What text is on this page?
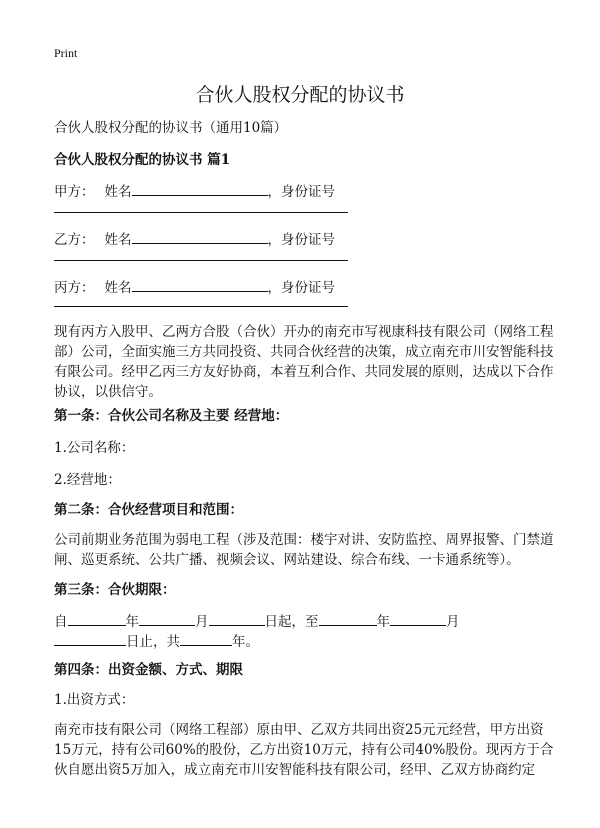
Print
合伙人股权分配的协议书
合伙人股权分配的协议书（通用10篇）
合伙人股权分配的协议书 篇1
甲方： 姓名	，身份证号
乙方： 姓名	，身份证号
丙方： 姓名	，身份证号
现有丙方入股甲、乙两方合股（合伙）开办的南充市写视康科技有限公司（网络工程部）公司，全面实施三方共同投资、共同合伙经营的决策，成立南充市川安智能科技有限公司。经甲乙丙三方友好协商，本着互利合作、共同发展的原则，达成以下合作协议，以供信守。
第一条：合伙公司名称及主要 经营地：
1.公司名称：
2.经营地：
第二条：合伙经营项目和范围：
公司前期业务范围为弱电工程（涉及范围：楼宇对讲、安防监控、周界报警、门禁道闸、巡更系统、公共广播、视频会议、网站建设、综合布线、一卡通系统等）。
第三条：合伙期限：
自	年	月	日起，至	年	月
日止，共	年。
第四条：出资金额、方式、期限
1.出资方式：
南充市技有限公司（网络工程部）原由甲、乙双方共同出资25元元经营，甲方出资15万元，持有公司60%的股份，乙方出资10万元，持有公司40%股份。现丙方于合伙自愿出资5万加入，成立南充市川安智能科技有限公司，经甲、乙双方协商约定
